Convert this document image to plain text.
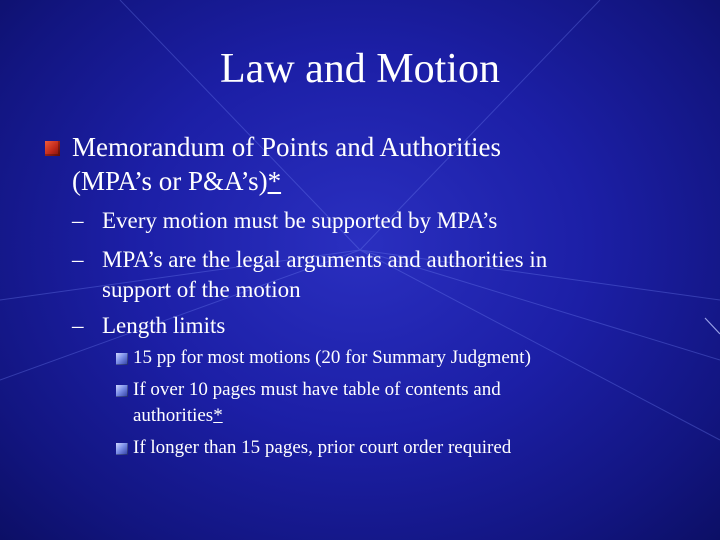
Law and Motion
Memorandum of Points and Authorities
(MPA’s or P&A’s)*
– Every motion must be supported by MPA’s
– MPA’s are the legal arguments and authorities in
support of the motion
– Length limits
15 pp for most motions (20 for Summary Judgment)
If over 10 pages must have table of contents and
authorities*
If longer than 15 pages, prior court order required
